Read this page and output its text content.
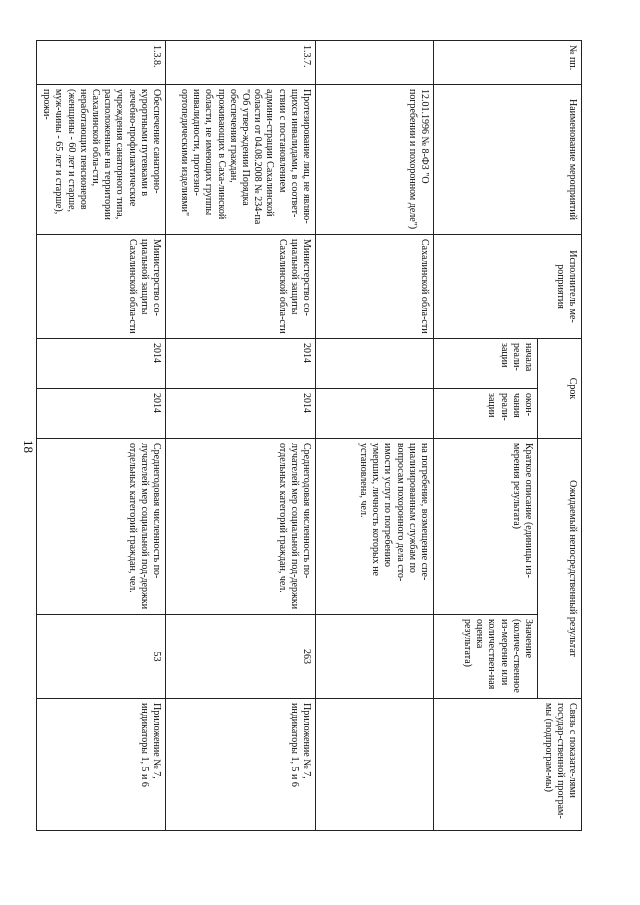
18
№ пп.	Наименование мероприятий	Исполнитель ме-роприятия	Срок		Ожидаемый непосредственный результат		Связь с показате-лями государ-ственной програм-мы (подпрограм-мы)
			начала реали-зации	окон-чания реали-зации	Краткое описание (единицы из-мерения результата)	Значение (количе-ственное из-мерение или количествен-ная оценка результата)	
	12.01.1996 № 8-ФЗ "О погребении и похоронном деле")	Сахалинской обла-сти			на погребение, возмещение спе-циализированным службам по вопросам похоронного дела сто-имости услуг по погребению умерших, личность которых не установлена, чел.		
1.3.7.	Протезирование лиц, не являю-щихся инвалидами, в соответ-ствии с постановлением админи-страции Сахалинской области от 04.08.2008 № 234-па "Об утвер-ждении Порядка обеспечения граждан, проживающих в Саха-линской области, не имеющих группы инвалидности, протезно-ортопедическими изделиями"	Министерство со-циальной защиты Сахалинской обла-сти	2014	2014	Среднегодовая численность по-лучателей мер социальной под-держки отдельных категорий граждан, чел.	263	Приложение № 7, индикаторы 1, 5 и 6
1.3.8.	Обеспечение санаторно-курортными путевками в лечебно-профилактические учреждения санаторного типа, расположенные на территории Сахалинской обла-сти, неработающих пенсионеров (женщины - 60 лет и старше, муж-чины - 65 лет и старше), прожи-	Министерство со-циальной защиты Сахалинской обла-сти	2014	2014	Среднегодовая численность по-лучателей мер социальной под-держки отдельных категорий граждан, чел.	53	Приложение № 7, индикаторы 1, 5 и 6
